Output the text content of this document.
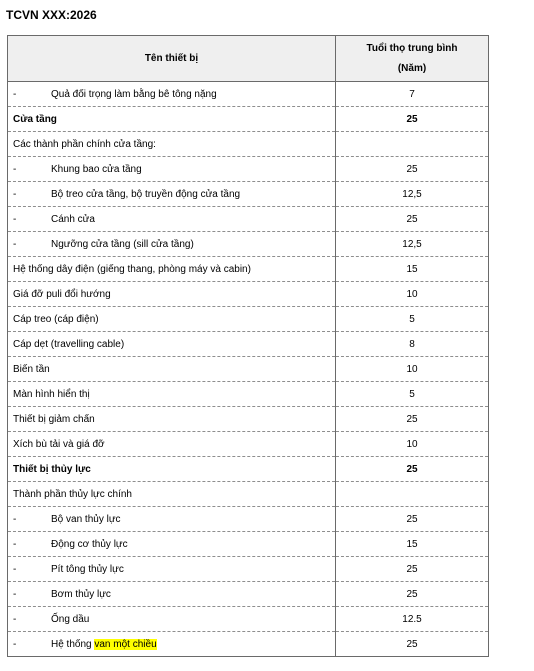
TCVN XXX:2026
Tên thiết bị	Tuổi thọ trung bình
(Năm)
- Quả đối trọng làm bằng bê tông nặng	7
Cửa tầng	25
Các thành phần chính cửa tầng:	
- Khung bao cửa tầng	25
- Bộ treo cửa tầng, bộ truyền động cửa tầng	12,5
- Cánh cửa	25
- Ngưỡng cửa tầng (sill cửa tầng)	12,5
Hệ thống dây điện (giếng thang, phòng máy và cabin)	15
Giá đỡ puli đổi hướng	10
Cáp treo (cáp điện)	5
Cáp dẹt (travelling cable)	8
Biến tần	10
Màn hình hiển thị	5
Thiết bị giảm chấn	25
Xích bù tải và giá đỡ	10
Thiết bị thủy lực	25
Thành phần thủy lực chính	
- Bộ van thủy lực	25
- Động cơ thủy lực	15
- Pít tông thủy lực	25
- Bơm thủy lực	25
- Ống dầu	12.5
- Hệ thống van một chiều	25
